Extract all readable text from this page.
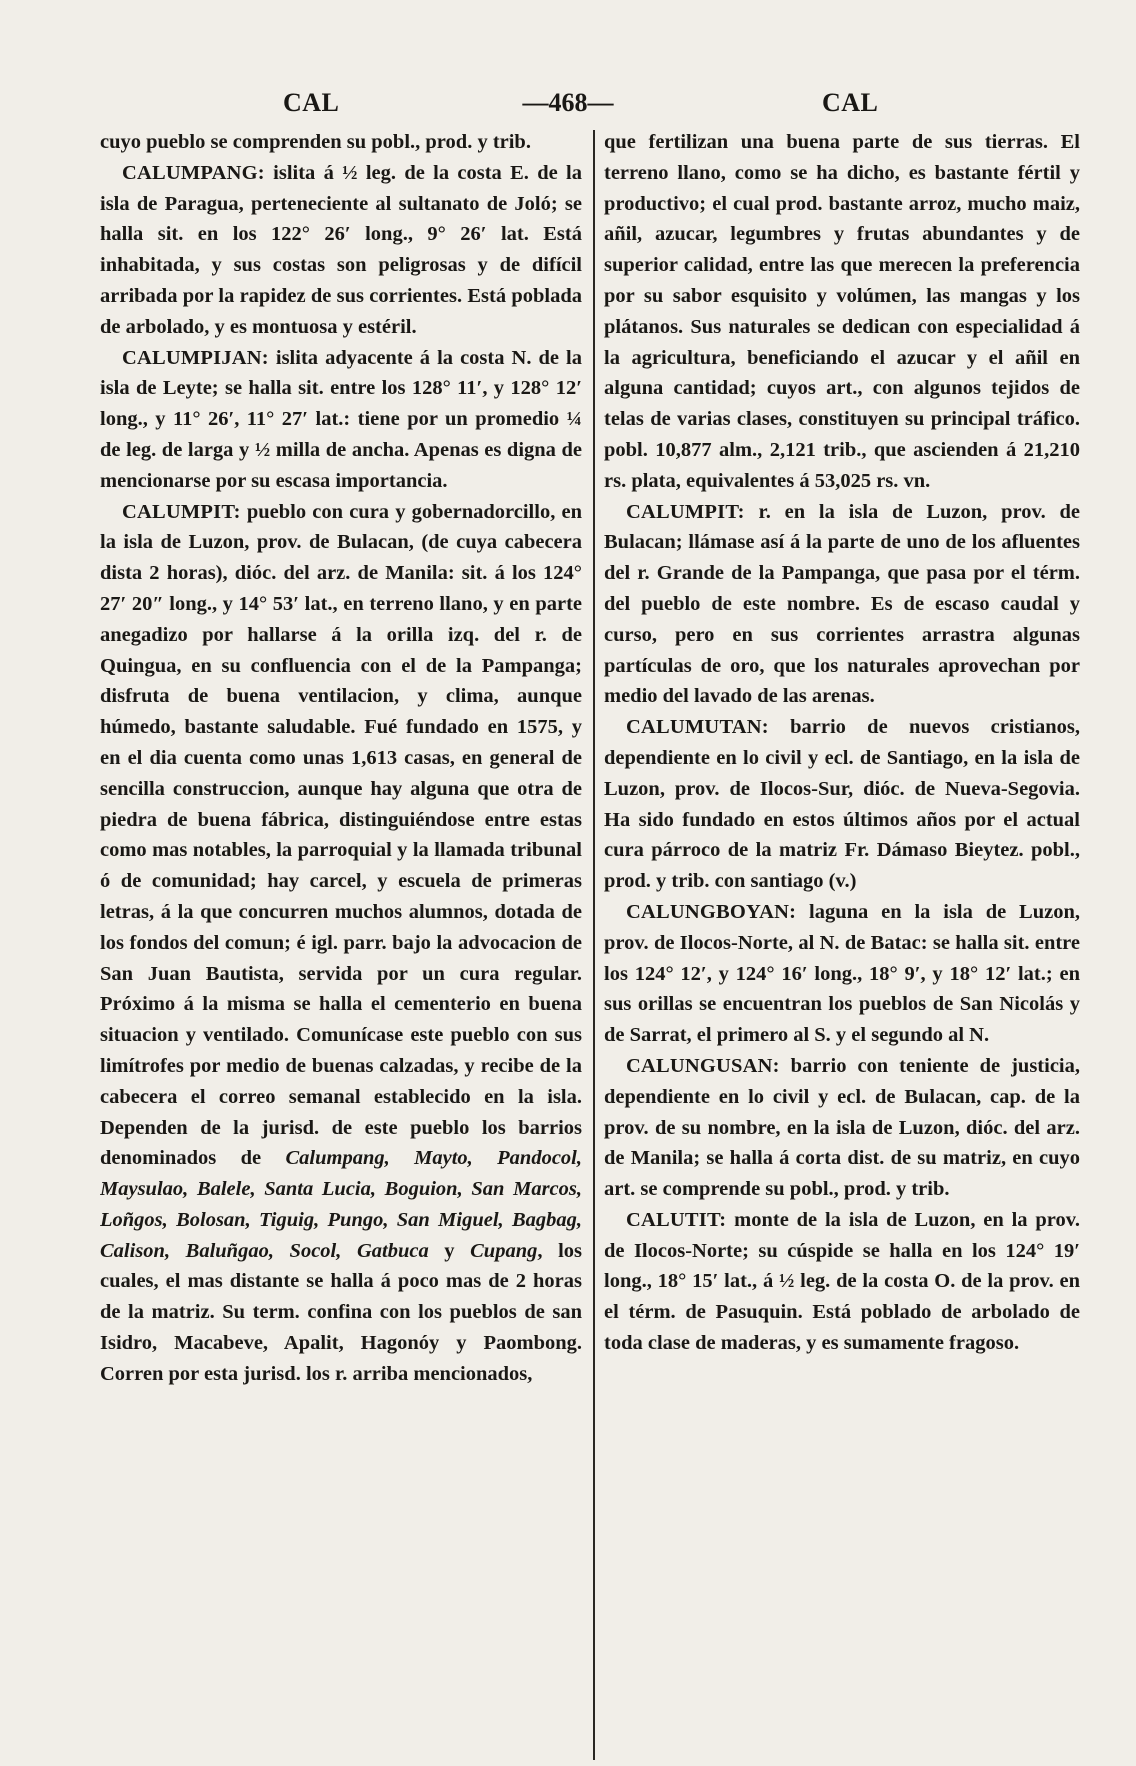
CAL	—468—	CAL

cuyo pueblo se comprenden su pobl., prod. y trib.

CALUMPANG: islita á ½ leg. de la costa E. de la isla de Paragua, perteneciente al sultanato de Joló; se halla sit. en los 122° 26′ long., 9° 26′ lat. Está inhabitada, y sus costas son peligrosas y de difícil arribada por la rapidez de sus corrientes. Está poblada de arbolado, y es montuosa y estéril.

CALUMPIJAN: islita adyacente á la costa N. de la isla de Leyte; se halla sit. entre los 128° 11′, y 128° 12′ long., y 11° 26′, 11° 27′ lat.: tiene por un promedio ¼ de leg. de larga y ½ milla de ancha. Apenas es digna de mencionarse por su escasa importancia.

CALUMPIT: pueblo con cura y gobernadorcillo, en la isla de Luzon, prov. de Bulacan, (de cuya cabecera dista 2 horas), dióc. del arz. de Manila: sit. á los 124° 27′ 20″ long., y 14° 53′ lat., en terreno llano, y en parte anegadizo por hallarse á la orilla izq. del r. de Quingua, en su confluencia con el de la Pampanga; disfruta de buena ventilacion, y clima, aunque húmedo, bastante saludable. Fué fundado en 1575, y en el dia cuenta como unas 1,613 casas, en general de sencilla construccion, aunque hay alguna que otra de piedra de buena fábrica, distinguiéndose entre estas como mas notables, la parroquial y la llamada tribunal ó de comunidad; hay carcel, y escuela de primeras letras, á la que concurren muchos alumnos, dotada de los fondos del comun; é igl. parr. bajo la advocacion de San Juan Bautista, servida por un cura regular. Próximo á la misma se halla el cementerio en buena situacion y ventilado. Comunícase este pueblo con sus limítrofes por medio de buenas calzadas, y recibe de la cabecera el correo semanal establecido en la isla. Dependen de la jurisd. de este pueblo los barrios denominados de Calumpang, Mayto, Pandocol, Maysulao, Balele, Santa Lucia, Boguion, San Marcos, Loñgos, Bolosan, Tiguig, Pungo, San Miguel, Bagbag, Calison, Baluñgao, Socol, Gatbuca y Cupang, los cuales, el mas distante se halla á poco mas de 2 horas de la matriz. Su term. confina con los pueblos de san Isidro, Macabeve, Apalit, Hagonóy y Paombong. Corren por esta jurisd. los r. arriba mencionados,

que fertilizan una buena parte de sus tierras. El terreno llano, como se ha dicho, es bastante fértil y productivo; el cual prod. bastante arroz, mucho maiz, añil, azucar, legumbres y frutas abundantes y de superior calidad, entre las que merecen la preferencia por su sabor esquisito y volúmen, las mangas y los plátanos. Sus naturales se dedican con especialidad á la agricultura, beneficiando el azucar y el añil en alguna cantidad; cuyos art., con algunos tejidos de telas de varias clases, constituyen su principal tráfico. pobl. 10,877 alm., 2,121 trib., que ascienden á 21,210 rs. plata, equivalentes á 53,025 rs. vn.

CALUMPIT: r. en la isla de Luzon, prov. de Bulacan; llámase así á la parte de uno de los afluentes del r. Grande de la Pampanga, que pasa por el térm. del pueblo de este nombre. Es de escaso caudal y curso, pero en sus corrientes arrastra algunas partículas de oro, que los naturales aprovechan por medio del lavado de las arenas.

CALUMUTAN: barrio de nuevos cristianos, dependiente en lo civil y ecl. de Santiago, en la isla de Luzon, prov. de Ilocos-Sur, dióc. de Nueva-Segovia. Ha sido fundado en estos últimos años por el actual cura párroco de la matriz Fr. Dámaso Bieytez. pobl., prod. y trib. con santiago (v.)

CALUNGBOYAN: laguna en la isla de Luzon, prov. de Ilocos-Norte, al N. de Batac: se halla sit. entre los 124° 12′, y 124° 16′ long., 18° 9′, y 18° 12′ lat.; en sus orillas se encuentran los pueblos de San Nicolás y de Sarrat, el primero al S. y el segundo al N.

CALUNGUSAN: barrio con teniente de justicia, dependiente en lo civil y ecl. de Bulacan, cap. de la prov. de su nombre, en la isla de Luzon, dióc. del arz. de Manila; se halla á corta dist. de su matriz, en cuyo art. se comprende su pobl., prod. y trib.

CALUTIT: monte de la isla de Luzon, en la prov. de Ilocos-Norte; su cúspide se halla en los 124° 19′ long., 18° 15′ lat., á ½ leg. de la costa O. de la prov. en el térm. de Pasuquin. Está poblado de arbolado de toda clase de maderas, y es sumamente fragoso.
